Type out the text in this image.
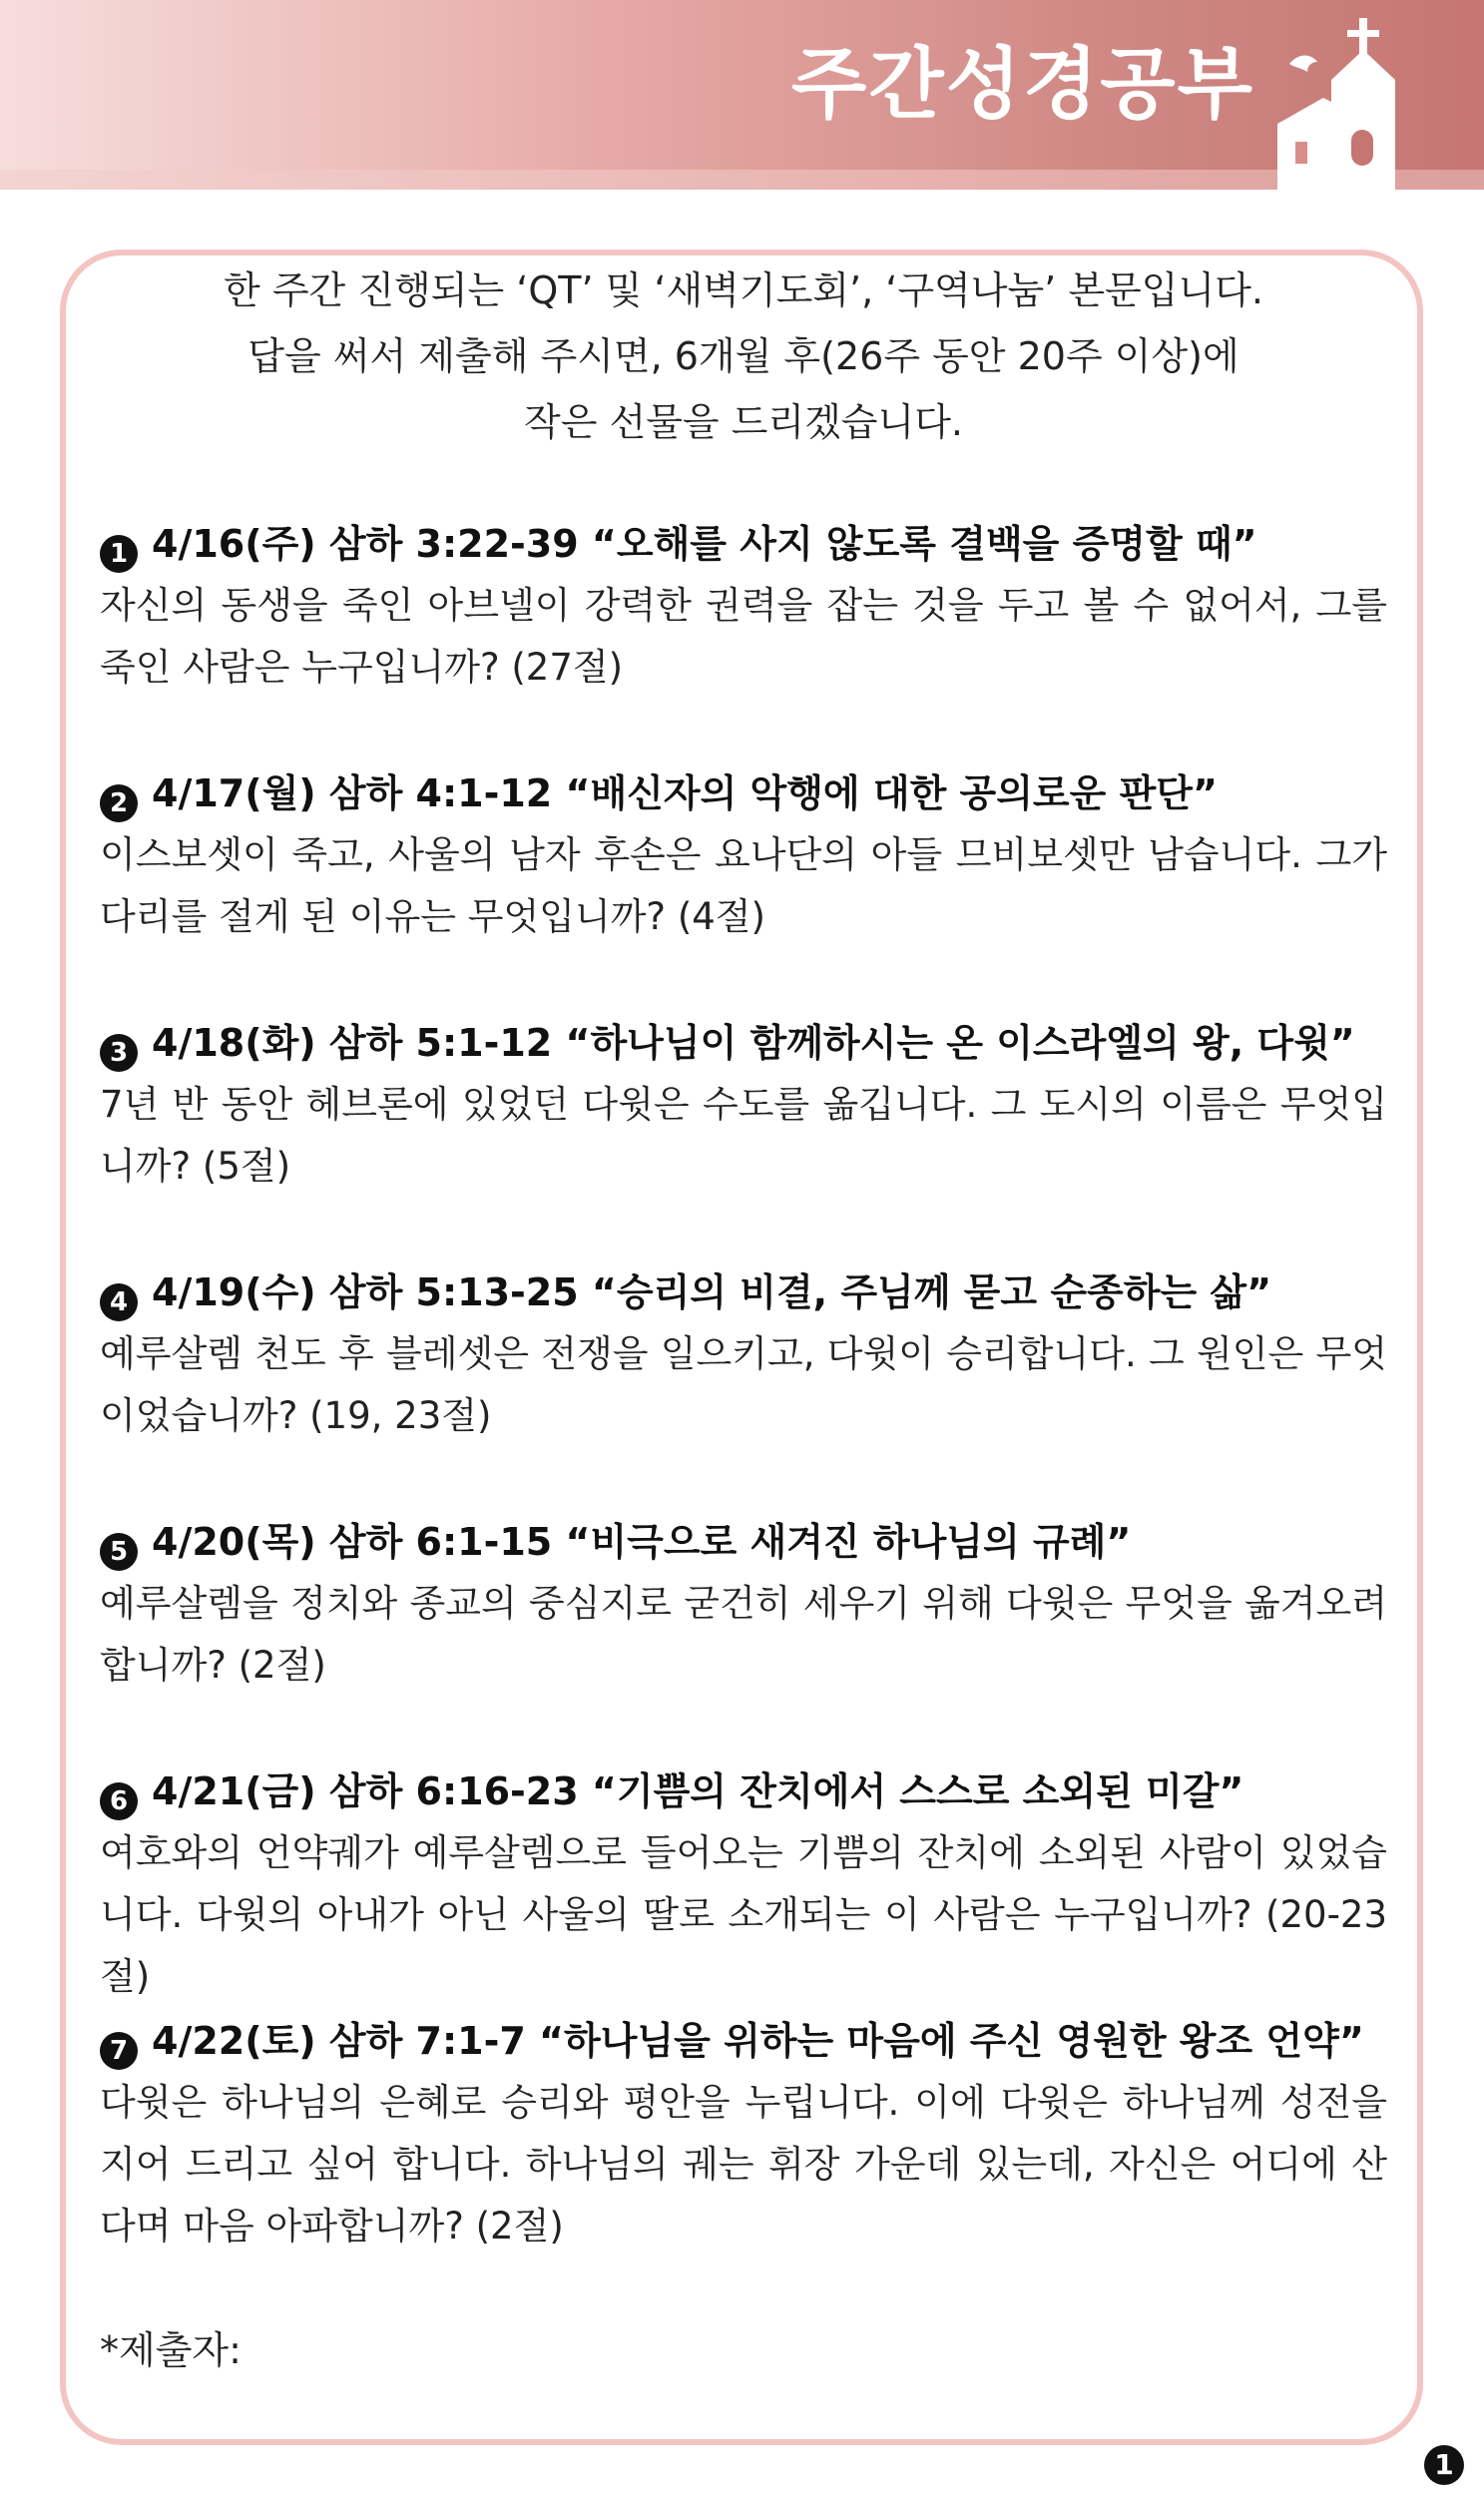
주간성경공부
한 주간 진행되는 ‘QT’ 및 ‘새벽기도회’, ‘구역나눔’ 본문입니다.
답을 써서 제출해 주시면, 6개월 후(26주 동안 20주 이상)에
작은 선물을 드리겠습니다.
1 4/16(주) 삼하 3:22-39 “오해를 사지 않도록 결백을 증명할 때”
자신의 동생을 죽인 아브넬이 강력한 권력을 잡는 것을 두고 볼 수 없어서, 그를 죽인 사람은 누구입니까? (27절)
2 4/17(월) 삼하 4:1-12 “배신자의 악행에 대한 공의로운 판단”
이스보셋이 죽고, 사울의 남자 후손은 요나단의 아들 므비보셋만 남습니다. 그가 다리를 절게 된 이유는 무엇입니까? (4절)
3 4/18(화) 삼하 5:1-12 “하나님이 함께하시는 온 이스라엘의 왕, 다윗”
7년 반 동안 헤브론에 있었던 다윗은 수도를 옮깁니다. 그 도시의 이름은 무엇입니까? (5절)
4 4/19(수) 삼하 5:13-25 “승리의 비결, 주님께 묻고 순종하는 삶”
예루살렘 천도 후 블레셋은 전쟁을 일으키고, 다윗이 승리합니다. 그 원인은 무엇이었습니까? (19, 23절)
5 4/20(목) 삼하 6:1-15 “비극으로 새겨진 하나님의 규례”
예루살렘을 정치와 종교의 중심지로 굳건히 세우기 위해 다윗은 무엇을 옮겨오려 합니까? (2절)
6 4/21(금) 삼하 6:16-23 “기쁨의 잔치에서 스스로 소외된 미갈”
여호와의 언약궤가 예루살렘으로 들어오는 기쁨의 잔치에 소외된 사람이 있었습니다. 다윗의 아내가 아닌 사울의 딸로 소개되는 이 사람은 누구입니까? (20-23절)
7 4/22(토) 삼하 7:1-7 “하나님을 위하는 마음에 주신 영원한 왕조 언약”
다윗은 하나님의 은혜로 승리와 평안을 누립니다. 이에 다윗은 하나님께 성전을 지어 드리고 싶어 합니다. 하나님의 궤는 휘장 가운데 있는데, 자신은 어디에 산다며 마음 아파합니까? (2절)
*제출자:
1
